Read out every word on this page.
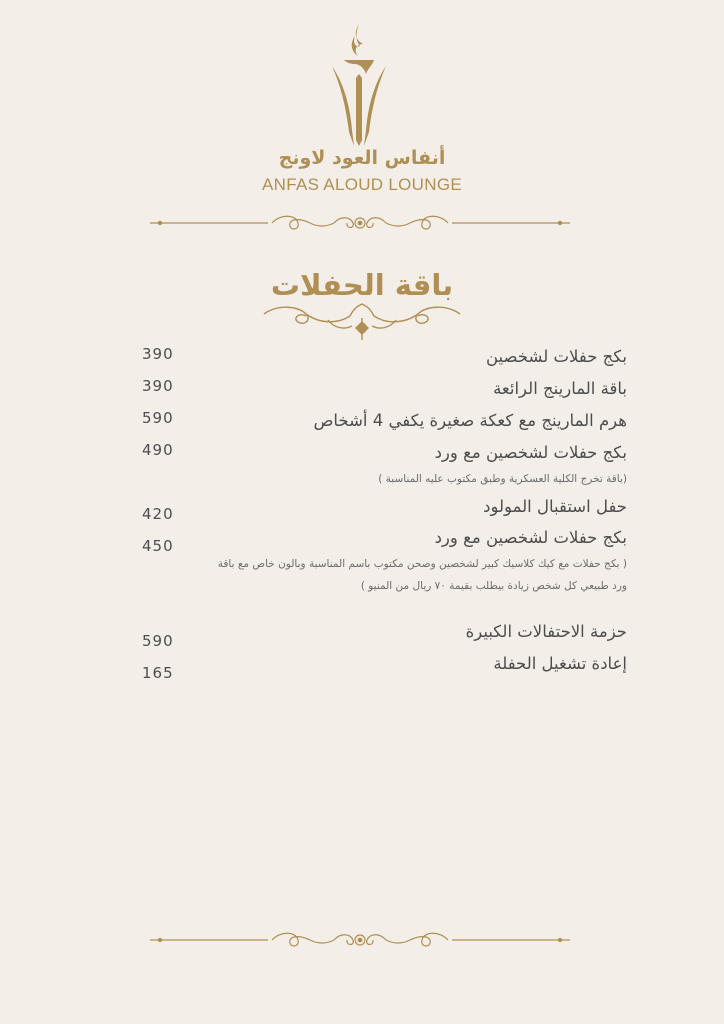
أنفاس العود لاونج
ANFAS ALOUD LOUNGE
باقة الحفلات
بكج حفلات لشخصين
390
باقة المارينج الرائعة
390
هرم المارينج مع كعكة صغيرة يكفي 4 أشخاص
590
بكج حفلات لشخصين مع ورد
490
(باقة تخرج الكلية العسكرية وطبق مكتوب عليه المناسبة )
حفل استقبال المولود
420
بكج حفلات لشخصين مع ورد
450
( بكج حفلات مع كيك كلاسيك كبير لشخصين وصحن مكتوب باسم المناسبة وبالون خاص مع باقة ورد طبيعي كل شخص زيادة بيطلب بقيمة ٧٠ ريال من المنيو )
حزمة الاحتفالات الكبيرة
590
إعادة تشغيل الحفلة
165
